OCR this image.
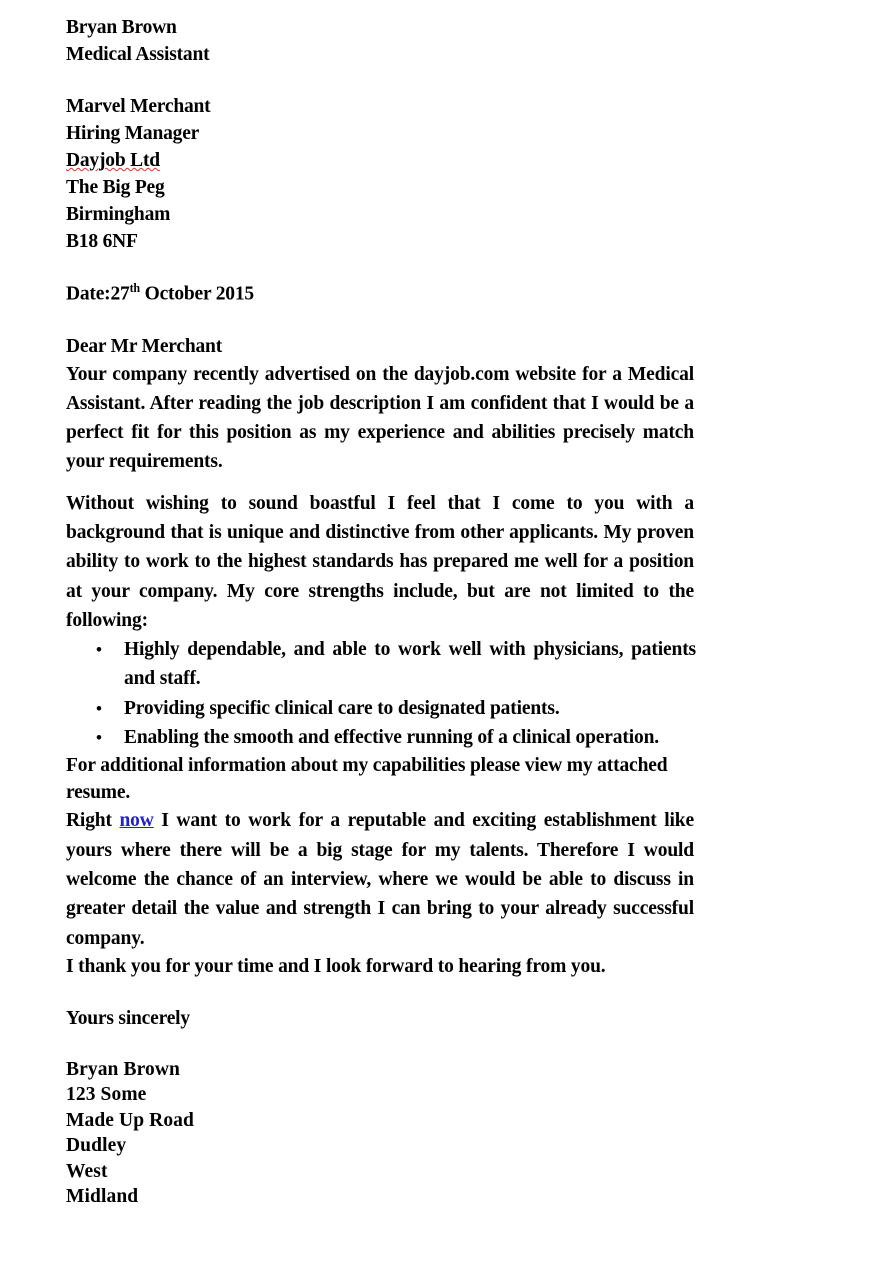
Bryan Brown
Medical Assistant
Marvel Merchant
Hiring Manager
Dayjob Ltd
The Big Peg
Birmingham
B18 6NF
Date:27th October 2015
Dear Mr Merchant

Your company recently advertised on the dayjob.com website for a Medical Assistant. After reading the job description I am confident that I would be a perfect fit for this position as my experience and abilities precisely match your requirements.

Without wishing to sound boastful I feel that I come to you with a background that is unique and distinctive from other applicants. My proven ability to work to the highest standards has prepared me well for a position at your company. My core strengths include, but are not limited to the following:

• Highly dependable, and able to work well with physicians, patients and staff.
• Providing specific clinical care to designated patients.
• Enabling the smooth and effective running of a clinical operation.

For additional information about my capabilities please view my attached resume.

Right now I want to work for a reputable and exciting establishment like yours where there will be a big stage for my talents. Therefore I would welcome the chance of an interview, where we would be able to discuss in greater detail the value and strength I can bring to your already successful company.

I thank you for your time and I look forward to hearing from you.

Yours sincerely
Bryan Brown
123 Some
Made Up Road
Dudley
West
Midland
